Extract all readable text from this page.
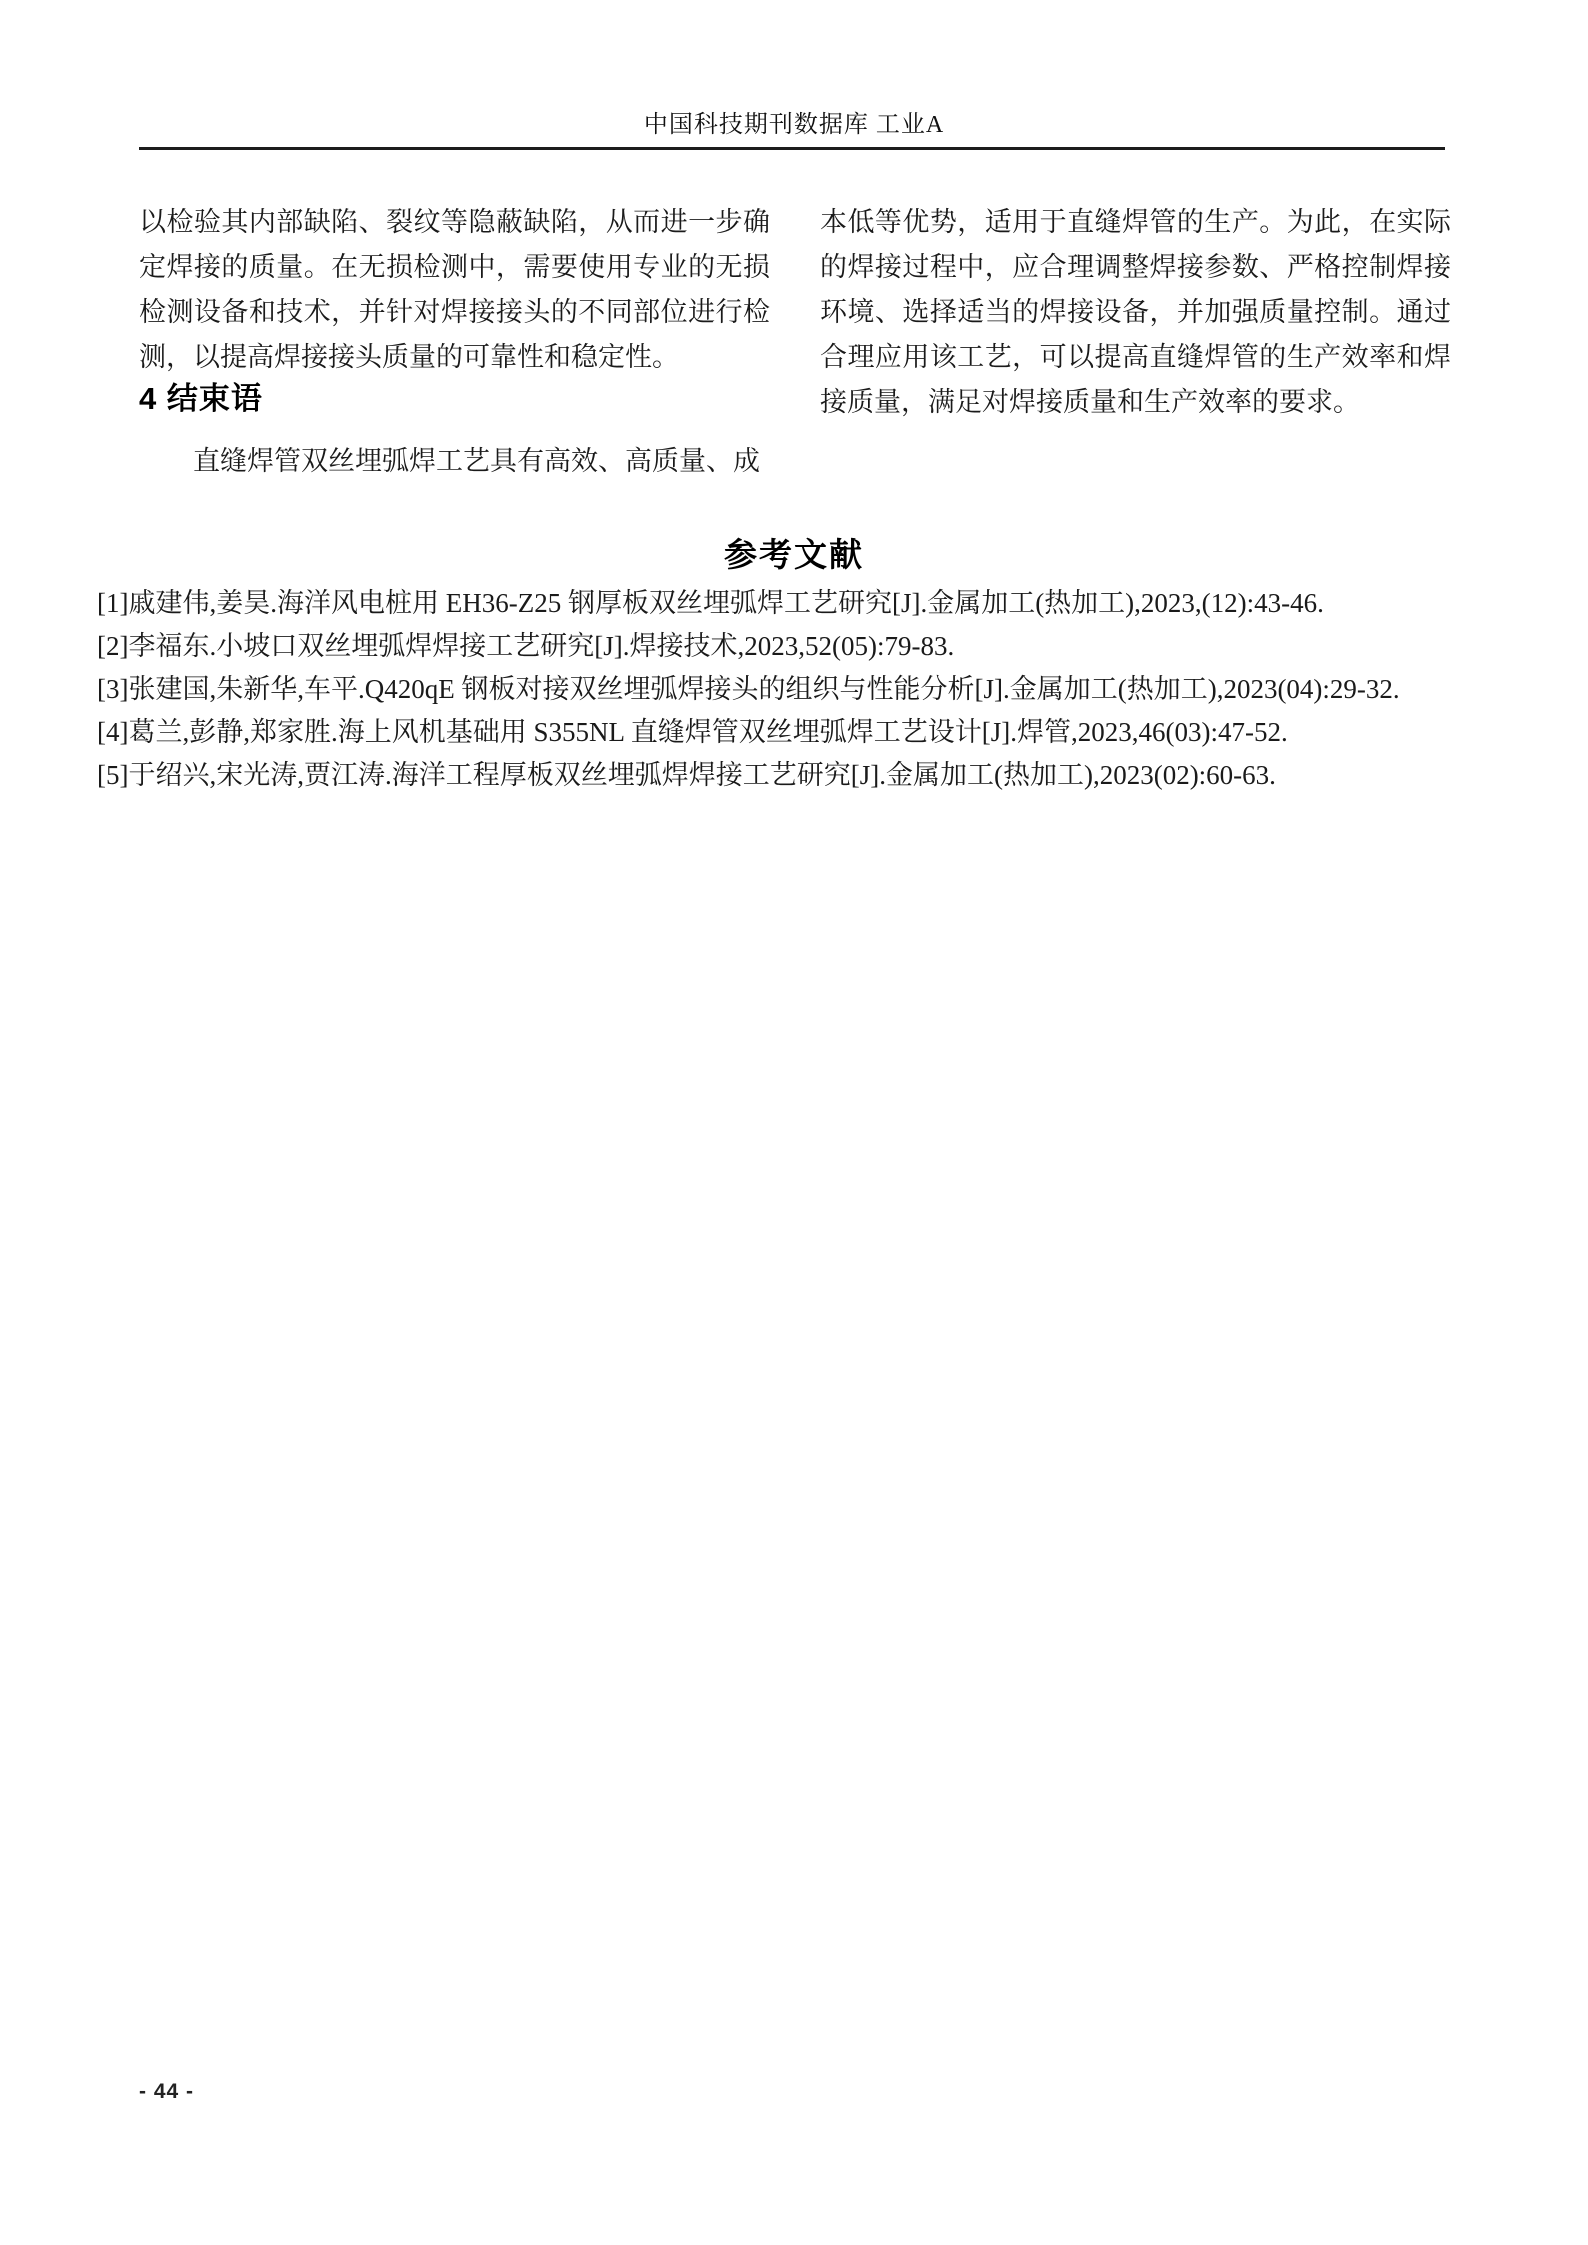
中国科技期刊数据库 工业A

以检验其内部缺陷、裂纹等隐蔽缺陷，从而进一步确定焊接的质量。在无损检测中，需要使用专业的无损检测设备和技术，并针对焊接接头的不同部位进行检测，以提高焊接接头质量的可靠性和稳定性。

4 结束语

直缝焊管双丝埋弧焊工艺具有高效、高质量、成

本低等优势，适用于直缝焊管的生产。为此，在实际的焊接过程中，应合理调整焊接参数、严格控制焊接环境、选择适当的焊接设备，并加强质量控制。通过合理应用该工艺，可以提高直缝焊管的生产效率和焊接质量，满足对焊接质量和生产效率的要求。

参考文献

[1]戚建伟,姜昊.海洋风电桩用 EH36-Z25 钢厚板双丝埋弧焊工艺研究[J].金属加工(热加工),2023,(12):43-46.

[2]李福东.小坡口双丝埋弧焊焊接工艺研究[J].焊接技术,2023,52(05):79-83.

[3]张建国,朱新华,车平.Q420qE 钢板对接双丝埋弧焊接头的组织与性能分析[J].金属加工(热加工),2023(04):29-32.

[4]葛兰,彭静,郑家胜.海上风机基础用 S355NL 直缝焊管双丝埋弧焊工艺设计[J].焊管,2023,46(03):47-52.

[5]于绍兴,宋光涛,贾江涛.海洋工程厚板双丝埋弧焊焊接工艺研究[J].金属加工(热加工),2023(02):60-63.

- 44 -
